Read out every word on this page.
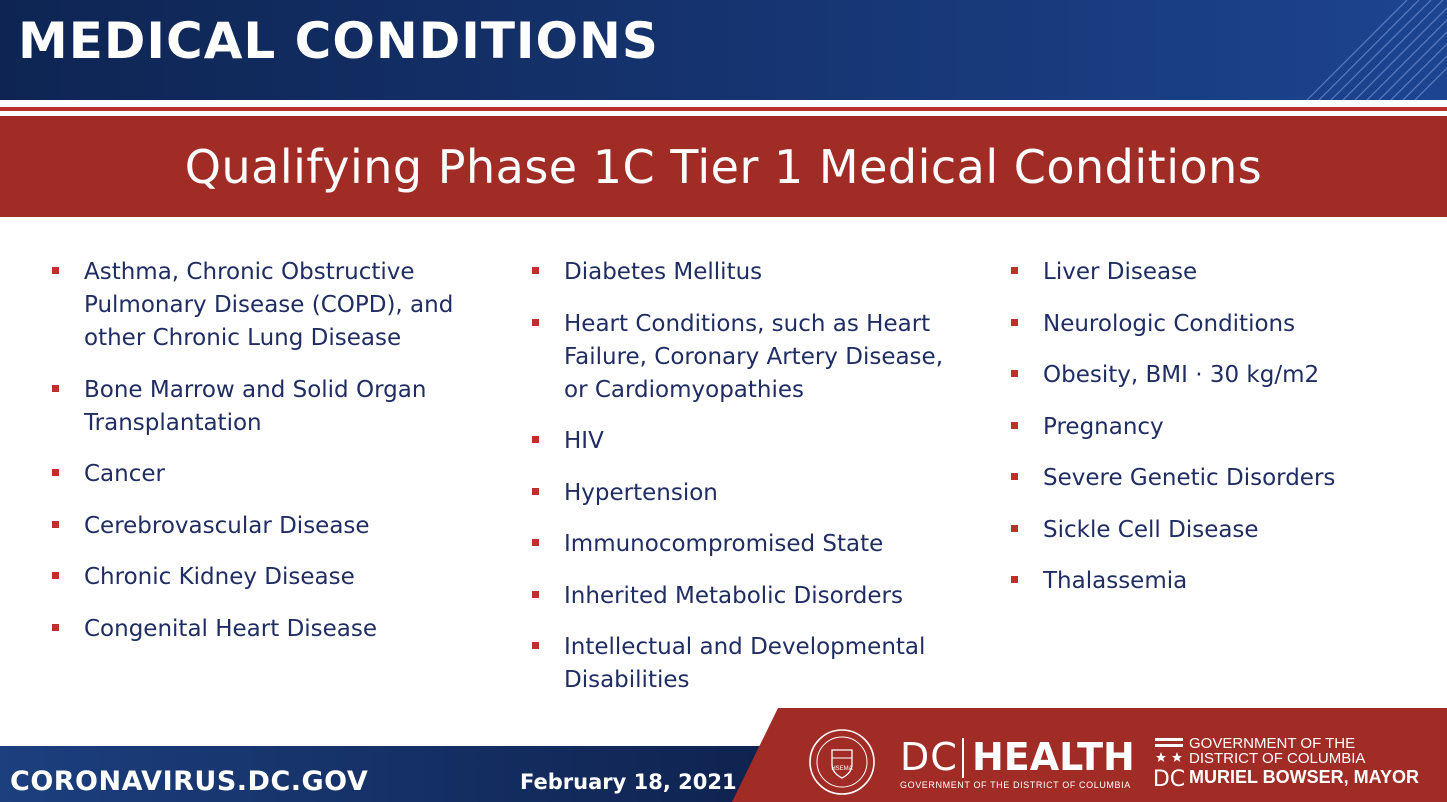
MEDICAL CONDITIONS
Qualifying Phase 1C Tier 1 Medical Conditions
Asthma, Chronic Obstructive Pulmonary Disease (COPD), and other Chronic Lung Disease
Bone Marrow and Solid Organ Transplantation
Cancer
Cerebrovascular Disease
Chronic Kidney Disease
Congenital Heart Disease
Diabetes Mellitus
Heart Conditions, such as Heart Failure, Coronary Artery Disease, or Cardiomyopathies
HIV
Hypertension
Immunocompromised State
Inherited Metabolic Disorders
Intellectual and Developmental Disabilities
Liver Disease
Neurologic Conditions
Obesity, BMI · 30 kg/m2
Pregnancy
Severe Genetic Disorders
Sickle Cell Disease
Thalassemia
CORONAVIRUS.DC.GOV	February 18, 2021
HSEMA DC HEALTH
GOVERNMENT OF THE DISTRICT OF COLUMBIA DC
GOVERNMENT OF THE
DISTRICT OF COLUMBIA
MURIEL BOWSER, MAYOR
